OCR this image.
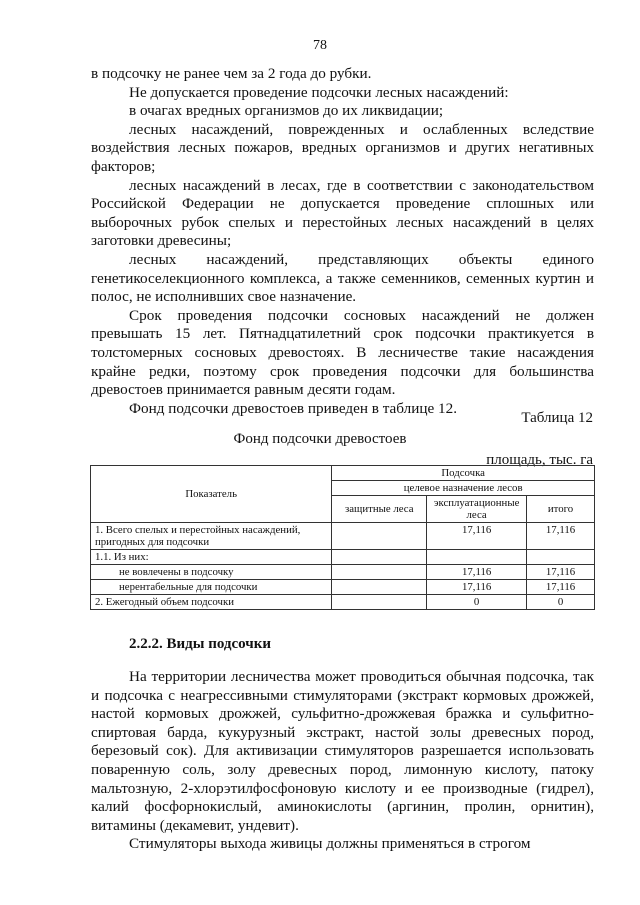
78

в подсочку не ранее чем за 2 года до рубки.

Не допускается проведение подсочки лесных насаждений:

в очагах вредных организмов до их ликвидации;

лесных насаждений, поврежденных и ослабленных вследствие воздействия лесных пожаров, вредных организмов и других негативных факторов;

лесных насаждений в лесах, где в соответствии с законодательством Российской Федерации не допускается проведение сплошных или выборочных рубок спелых и перестойных лесных насаждений в целях заготовки древесины;

лесных насаждений, представляющих объекты единого генетикоселекционного комплекса, а также семенников, семенных куртин и полос, не исполнивших свое назначение.

Срок проведения подсочки сосновых насаждений не должен превышать 15 лет. Пятнадцатилетний срок подсочки практикуется в толстомерных сосновых древостоях. В лесничестве такие насаждения крайне редки, поэтому срок проведения подсочки для большинства древостоев принимается равным десяти годам.

Фонд подсочки древостоев приведен в таблице 12.

Таблица 12
Фонд подсочки древостоев
площадь, тыс. га
Показатель	Подсочка		
	целевое назначение лесов		
	защитные леса	эксплуатационные леса	итого
1. Всего спелых и перестойных насаждений, пригодных для подсочки		17,116	17,116
1.1. Из них:			
не вовлечены в подсочку		17,116	17,116
нерентабельные для подсочки		17,116	17,116
2. Ежегодный объем подсочки		0	0
2.2.2. Виды подсочки

На территории лесничества может проводиться обычная подсочка, так и подсочка с неагрессивными стимуляторами (экстракт кормовых дрожжей, настой кормовых дрожжей, сульфитно-дрожжевая бражка и сульфитно-спиртовая барда, кукурузный экстракт, настой золы древесных пород, березовый сок). Для активизации стимуляторов разрешается использовать поваренную соль, золу древесных пород, лимонную кислоту, патоку мальтозную, 2-хлорэтилфосфоновую кислоту и ее производные (гидрел), калий фосфорнокислый, аминокислоты (аргинин, пролин, орнитин), витамины (декамевит, ундевит).

Стимуляторы выхода живицы должны применяться в строгом
